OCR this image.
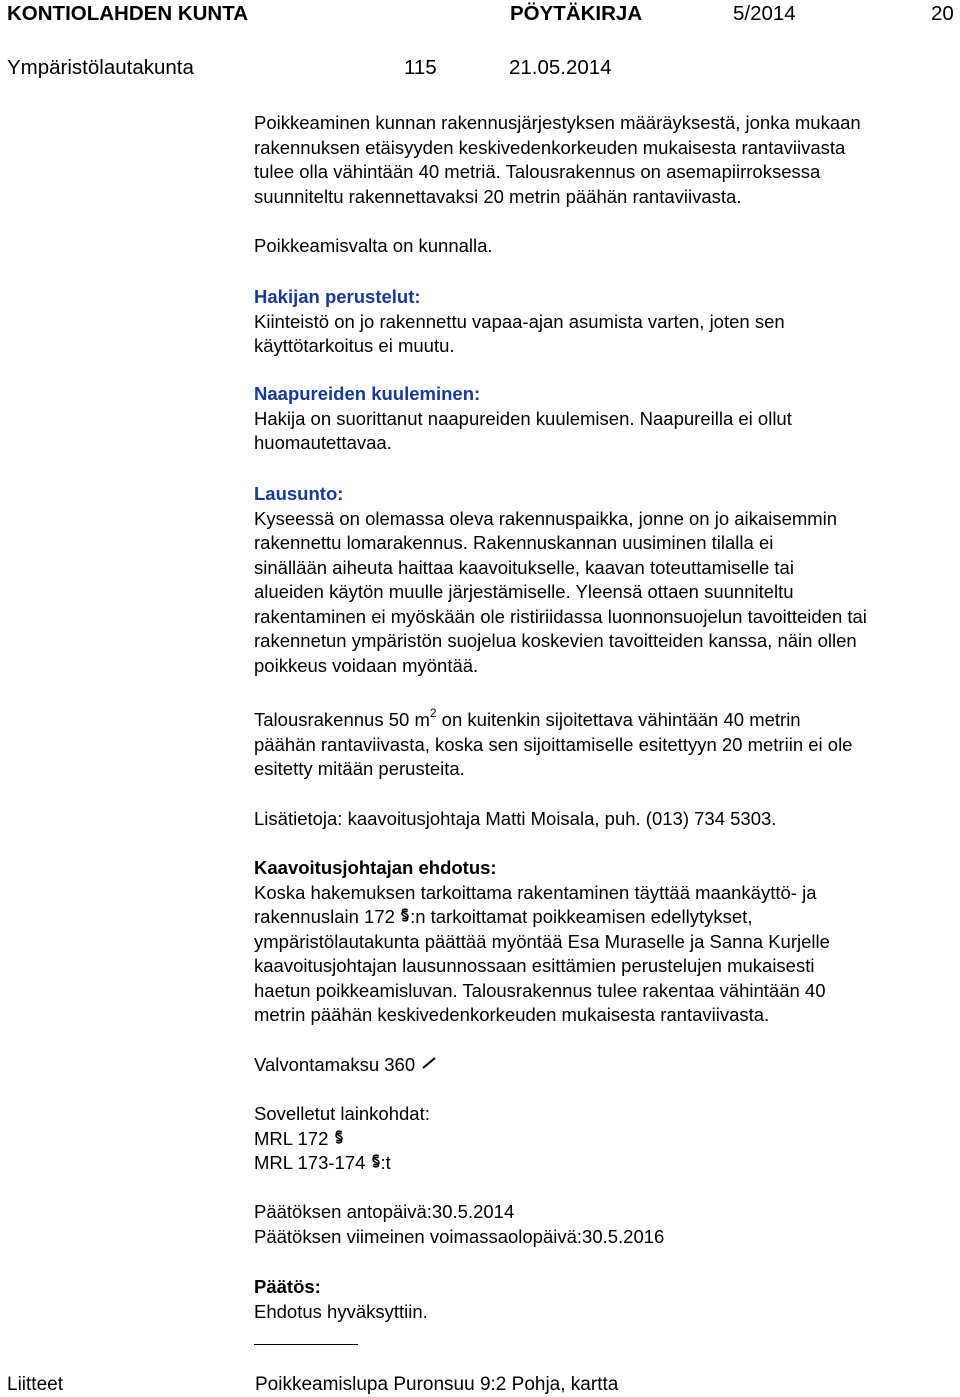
KONTIOLAHDEN KUNTA	PÖYTÄKIRJA	5/2014	20
Ympäristölautakunta	115	21.05.2014

Poikkeaminen kunnan rakennusjärjestyksen määräyksestä, jonka mukaan

rakennuksen etäisyyden keskivedenkorkeuden mukaisesta rantaviivasta

tulee olla vähintään 40 metriä. Talousrakennus on asemapiirroksessa

suunniteltu rakennettavaksi 20 metrin päähän rantaviivasta.

Poikkeamisvalta on kunnalla.

Hakijan perustelut:

Kiinteistö on jo rakennettu vapaa-ajan asumista varten, joten sen

käyttötarkoitus ei muutu.

Naapureiden kuuleminen:

Hakija on suorittanut naapureiden kuulemisen. Naapureilla ei ollut

huomautettavaa.

Lausunto:

Kyseessä on olemassa oleva rakennuspaikka, jonne on jo aikaisemmin

rakennettu lomarakennus. Rakennuskannan uusiminen tilalla ei

sinällään aiheuta haittaa kaavoitukselle, kaavan toteuttamiselle tai

alueiden käytön muulle järjestämiselle. Yleensä ottaen suunniteltu

rakentaminen ei myöskään ole ristiriidassa luonnonsuojelun tavoitteiden tai

rakennetun ympäristön suojelua koskevien tavoitteiden kanssa, näin ollen

poikkeus voidaan myöntää.

Talousrakennus 50 $m^2$ on kuitenkin sijoitettava vähintään 40 metrin

päähän rantaviivasta, koska sen sijoittamiselle esitettyyn 20 metriin ei ole

esitetty mitään perusteita.

Lisätietoja: kaavoitusjohtaja Matti Moisala, puh. (013) 734 5303.

Kaavoitusjohtajan ehdotus:

Koska hakemuksen tarkoittama rakentaminen täyttää maankäyttö- ja

rakennuslain 172 :n tarkoittamat poikkeamisen edellytykset,

ympäristölautakunta päättää myöntää Esa Muraselle ja Sanna Kurjelle

kaavoitusjohtajan lausunnossaan esittämien perustelujen mukaisesti

haetun poikkeamisluvan. Talousrakennus tulee rakentaa vähintään 40

metrin päähän keskivedenkorkeuden mukaisesta rantaviivasta.

Valvontamaksu 360

Sovelletut lainkohdat:

MRL 172

MRL 173-174 :t

Päätöksen antopäivä:30.5.2014

Päätöksen viimeinen voimassaolopäivä:30.5.2016

Päätös:

Ehdotus hyväksyttiin.

Liitteet	Poikkeamislupa Puronsuu 9:2 Pohja, kartta
